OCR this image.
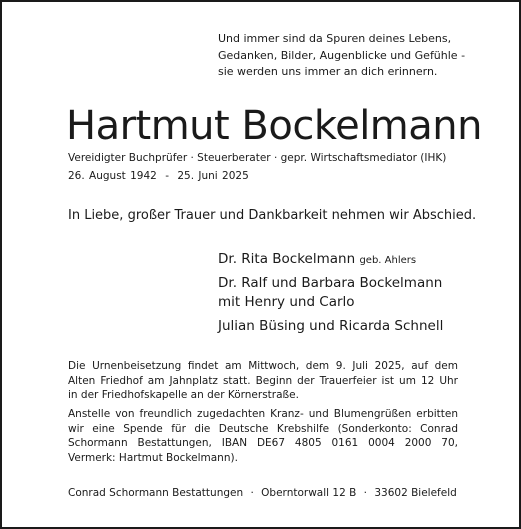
Und immer sind da Spuren deines Lebens,
Gedanken, Bilder, Augenblicke und Gefühle -
sie werden uns immer an dich erinnern.
Hartmut Bockelmann
Vereidigter Buchprüfer · Steuerberater · gepr. Wirtschaftsmediator (IHK)
26. August 1942 - 25. Juni 2025
In Liebe, großer Trauer und Dankbarkeit nehmen wir Abschied.
Dr. Rita Bockelmann geb. Ahlers
Dr. Ralf und Barbara Bockelmann
mit Henry und Carlo
Julian Büsing und Ricarda Schnell
Die Urnenbeisetzung findet am Mittwoch, dem 9. Juli 2025, auf dem
Alten Friedhof am Jahnplatz statt. Beginn der Trauerfeier ist um 12 Uhr
in der Friedhofskapelle an der Körnerstraße.
Anstelle von freundlich zugedachten Kranz- und Blumengrüßen erbitten
wir eine Spende für die Deutsche Krebshilfe (Sonderkonto: Conrad
Schormann Bestattungen, IBAN DE67 4805 0161 0004 2000 70,
Vermerk: Hartmut Bockelmann).
Conrad Schormann Bestattungen · Oberntorwall 12 B · 33602 Bielefeld
